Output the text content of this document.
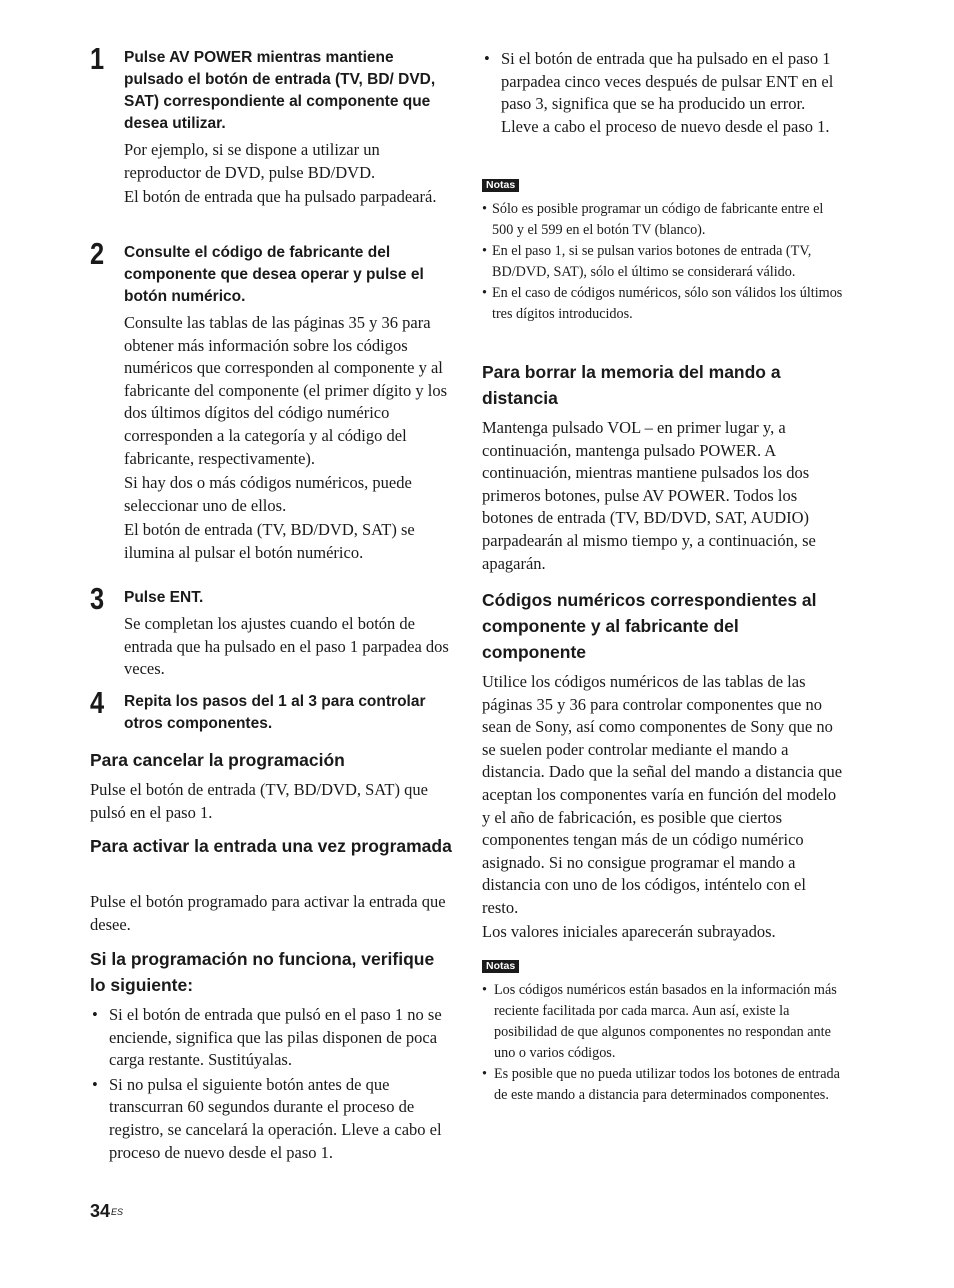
1 Pulse AV POWER mientras mantiene pulsado el botón de entrada (TV, BD/ DVD, SAT) correspondiente al componente que desea utilizar.

Por ejemplo, si se dispone a utilizar un reproductor de DVD, pulse BD/DVD.

El botón de entrada que ha pulsado parpadeará.

2 Consulte el código de fabricante del componente que desea operar y pulse el botón numérico.

Consulte las tablas de las páginas 35 y 36 para obtener más información sobre los códigos numéricos que corresponden al componente y al fabricante del componente (el primer dígito y los dos últimos dígitos del código numérico corresponden a la categoría y al código del fabricante, respectivamente).

Si hay dos o más códigos numéricos, puede seleccionar uno de ellos.

El botón de entrada (TV, BD/DVD, SAT) se ilumina al pulsar el botón numérico.

3 Pulse ENT.

Se completan los ajustes cuando el botón de entrada que ha pulsado en el paso 1 parpadea dos veces.

4 Repita los pasos del 1 al 3 para controlar otros componentes.

Para cancelar la programación

Pulse el botón de entrada (TV, BD/DVD, SAT) que pulsó en el paso 1.

Para activar la entrada una vez programada

Pulse el botón programado para activar la entrada que desee.

Si la programación no funciona, verifique lo siguiente:
• Si el botón de entrada que pulsó en el paso 1 no se enciende, significa que las pilas disponen de poca carga restante. Sustitúyalas.
• Si no pulsa el siguiente botón antes de que transcurran 60 segundos durante el proceso de registro, se cancelará la operación. Lleve a cabo el proceso de nuevo desde el paso 1.
• Si el botón de entrada que ha pulsado en el paso 1 parpadea cinco veces después de pulsar ENT en el paso 3, significa que se ha producido un error. Lleve a cabo el proceso de nuevo desde el paso 1.
Notas
• Sólo es posible programar un código de fabricante entre el 500 y el 599 en el botón TV (blanco).
• En el paso 1, si se pulsan varios botones de entrada (TV, BD/DVD, SAT), sólo el último se considerará válido.
• En el caso de códigos numéricos, sólo son válidos los últimos tres dígitos introducidos.
Para borrar la memoria del mando a distancia

Mantenga pulsado VOL – en primer lugar y, a continuación, mantenga pulsado POWER. A continuación, mientras mantiene pulsados los dos primeros botones, pulse AV POWER. Todos los botones de entrada (TV, BD/DVD, SAT, AUDIO) parpadearán al mismo tiempo y, a continuación, se apagarán.

Códigos numéricos correspondientes al componente y al fabricante del componente

Utilice los códigos numéricos de las tablas de las páginas 35 y 36 para controlar componentes que no sean de Sony, así como componentes de Sony que no se suelen poder controlar mediante el mando a distancia. Dado que la señal del mando a distancia que aceptan los componentes varía en función del modelo y el año de fabricación, es posible que ciertos componentes tengan más de un código numérico asignado. Si no consigue programar el mando a distancia con uno de los códigos, inténtelo con el resto.

Los valores iniciales aparecerán subrayados.

Notas
• Los códigos numéricos están basados en la información más reciente facilitada por cada marca. Aun así, existe la posibilidad de que algunos componentes no respondan ante uno o varios códigos.
• Es posible que no pueda utilizar todos los botones de entrada de este mando a distancia para determinados componentes.
$34^{ES}$
